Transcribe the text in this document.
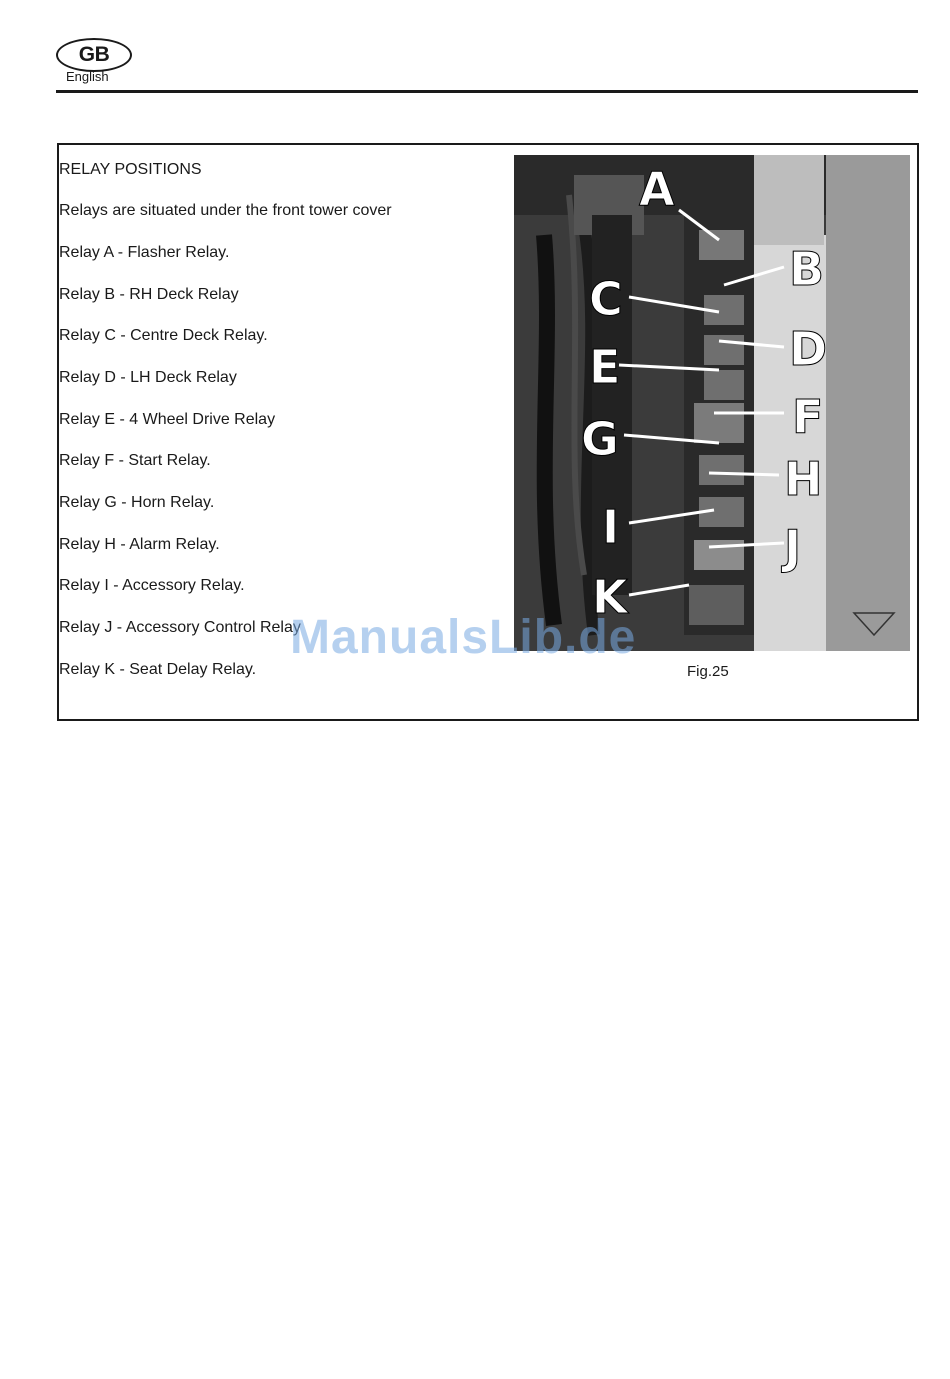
GB
English
RELAY POSITIONS
Relays are situated under the front tower cover
Relay A - Flasher Relay.
Relay B - RH Deck Relay
Relay C - Centre Deck Relay.
Relay D - LH Deck Relay
Relay E - 4 Wheel Drive Relay
Relay F - Start Relay.
Relay G - Horn Relay.
Relay H - Alarm Relay.
Relay I - Accessory Relay.
Relay J - Accessory Control Relay
Relay K - Seat Delay Relay.
A
B
C
D
E
F
G
H
I	J
K
Fig.25
ManualsLib.de
